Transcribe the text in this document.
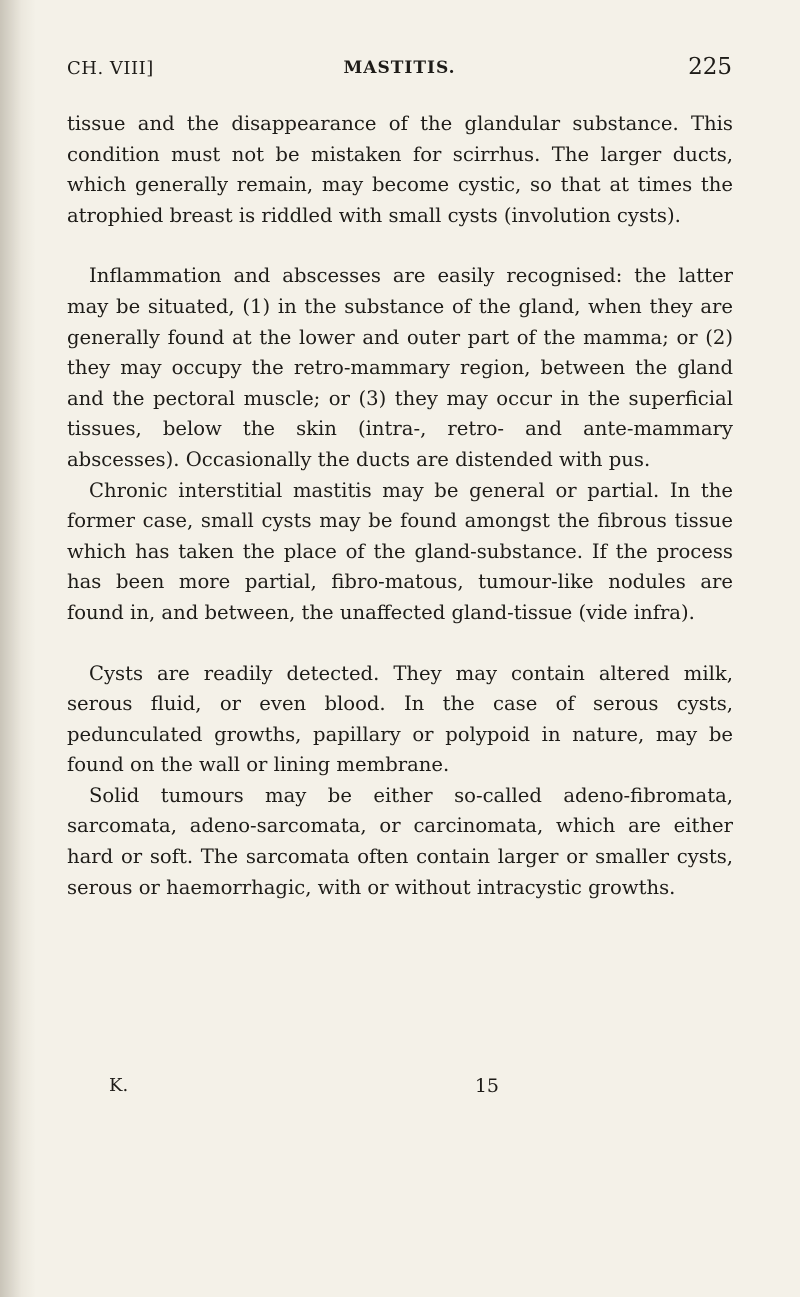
CH. VIII]	MASTITIS.	225

tissue and the disappearance of the glandular substance. This condition must not be mistaken for scirrhus. The larger ducts, which generally remain, may become cystic, so that at times the atrophied breast is riddled with small cysts (involution cysts).

Inflammation and abscesses are easily recognised: the latter may be situated, (1) in the substance of the gland, when they are generally found at the lower and outer part of the mamma; or (2) they may occupy the retro-mammary region, between the gland and the pectoral muscle; or (3) they may occur in the superficial tissues, below the skin (intra-, retro- and ante-mammary abscesses). Occasionally the ducts are distended with pus.

Chronic interstitial mastitis may be general or partial. In the former case, small cysts may be found amongst the fibrous tissue which has taken the place of the gland-substance. If the process has been more partial, fibro-matous, tumour-like nodules are found in, and between, the unaffected gland-tissue (vide infra).

Cysts are readily detected. They may contain altered milk, serous fluid, or even blood. In the case of serous cysts, pedunculated growths, papillary or polypoid in nature, may be found on the wall or lining membrane.

Solid tumours may be either so-called adeno-fibromata, sarcomata, adeno-sarcomata, or carcinomata, which are either hard or soft. The sarcomata often contain larger or smaller cysts, serous or haemorrhagic, with or without intracystic growths.

K.	15
